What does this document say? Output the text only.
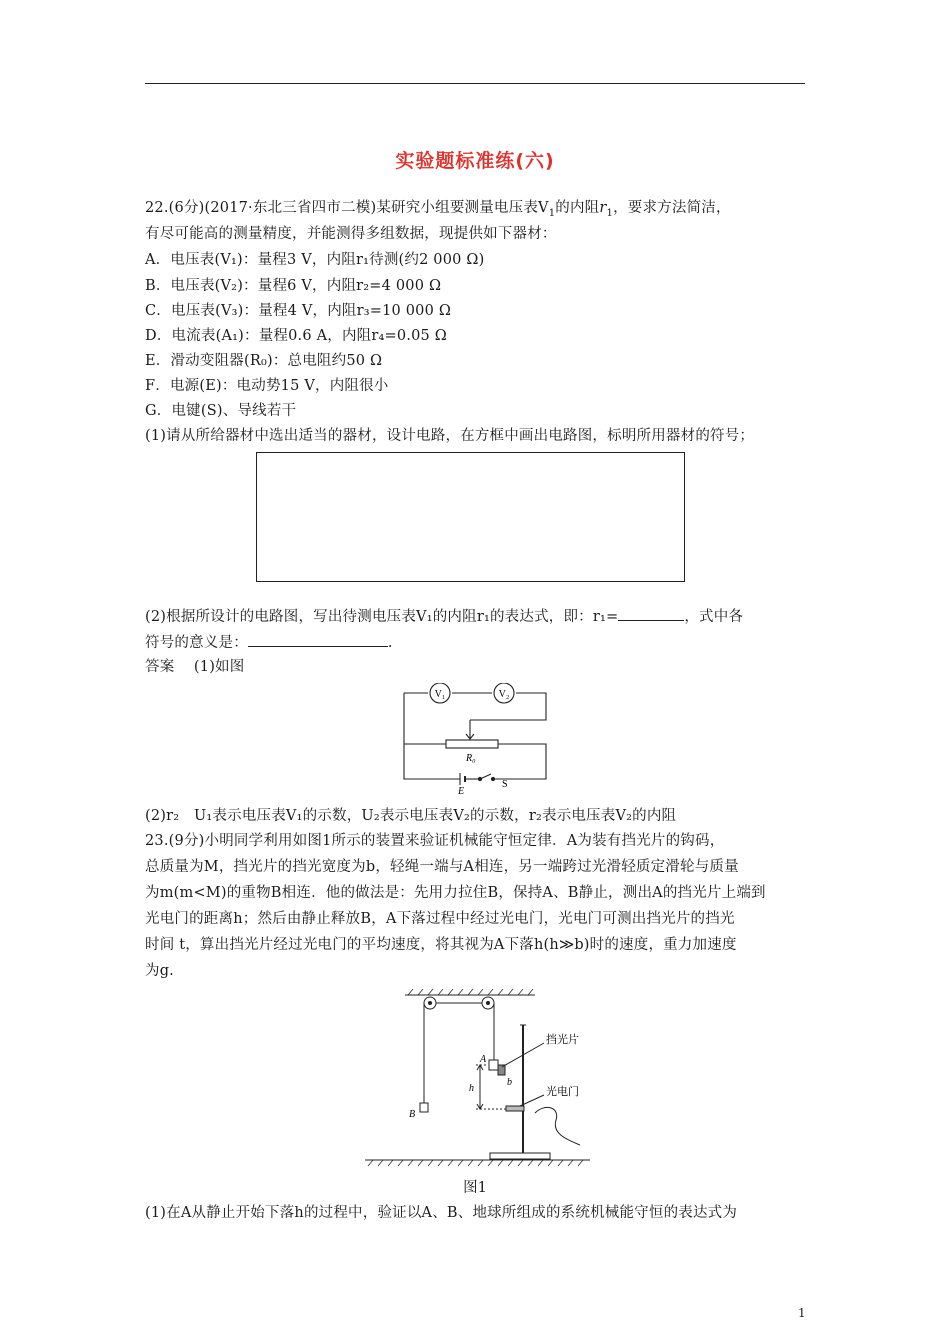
实验题标准练(六)
22.(6分)(2017·东北三省四市二模)某研究小组要测量电压表$V_1$的内阻$r_1$，要求方法简洁，
有尽可能高的测量精度，并能测得多组数据，现提供如下器材：
A．电压表(V₁)：量程3 V，内阻r₁待测(约2 000 Ω)
B．电压表(V₂)：量程6 V，内阻r₂=4 000 Ω
C．电压表(V₃)：量程4 V，内阻r₃=10 000 Ω
D．电流表(A₁)：量程0.6 A，内阻r₄=0.05 Ω
E．滑动变阻器(R₀)：总电阻约50 Ω
F．电源(E)：电动势15 V，内阻很小
G．电键(S)、导线若干
(1)请从所给器材中选出适当的器材，设计电路，在方框中画出电路图，标明所用器材的符号；
(2)根据所设计的电路图，写出待测电压表V₁的内阻r₁的表达式，即：r₁=	，式中各
符号的意义是：	.
答案　 (1)如图
V₁	V₂
R₀
E
S
(2)r₂　U₁表示电压表V₁的示数，U₂表示电压表V₂的示数，r₂表示电压表V₂的内阻
23.(9分)小明同学利用如图1所示的装置来验证机械能守恒定律．A为装有挡光片的钩码，
总质量为M，挡光片的挡光宽度为b，轻绳一端与A相连，另一端跨过光滑轻质定滑轮与质量
为m(m<M)的重物B相连．他的做法是：先用力拉住B，保持A、B静止，测出A的挡光片上端到
光电门的距离h；然后由静止释放B，A下落过程中经过光电门，光电门可测出挡光片的挡光
时间 t，算出挡光片经过光电门的平均速度，将其视为A下落h(h≫b)时的速度，重力加速度
为g.
挡光片
光电门
A
b
h
B
图1
(1)在A从静止开始下落h的过程中，验证以A、B、地球所组成的系统机械能守恒的表达式为
1
